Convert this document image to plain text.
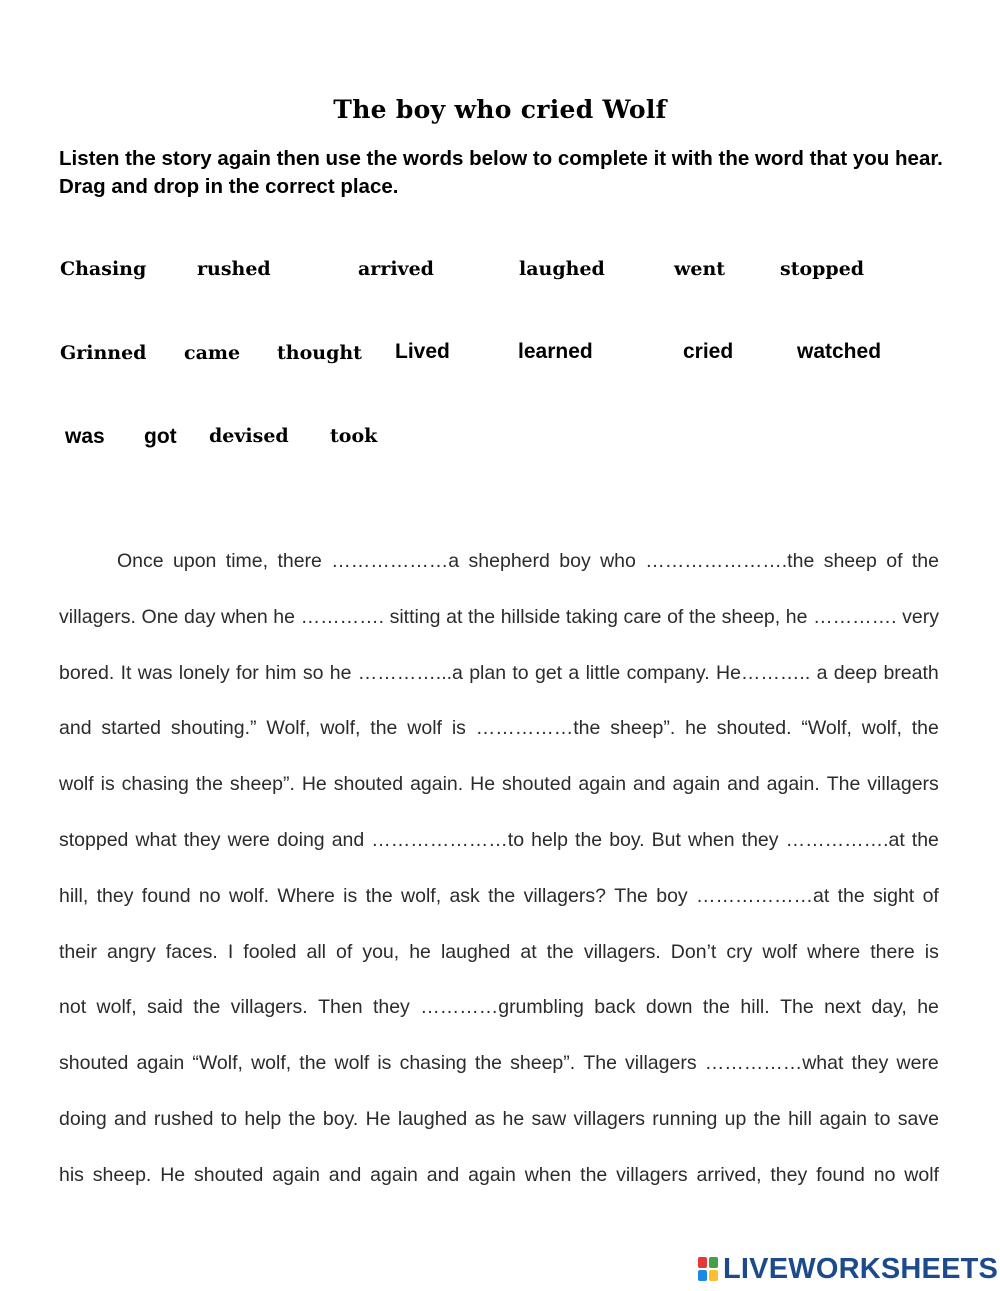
The boy who cried Wolf
Listen the story again then use the words below to complete it with the word that you hear. Drag and drop in the correct place.
Chasing	rushed	arrived	laughed	went	stopped
Grinned came thought Lived	learned	cried	watched
was got devised took
Once upon time, there ………………a shepherd boy who ………………….the sheep of the
villagers. One day when he …………. sitting at the hillside taking care of the sheep, he …………. very
bored. It was lonely for him so he …………...a plan to get a little company. He……….. a deep breath
and started shouting.” Wolf, wolf, the wolf is ……………the sheep”. he shouted. “Wolf, wolf, the
wolf is chasing the sheep”. He shouted again. He shouted again and again and again. The villagers
stopped what they were doing and …………………to help the boy. But when they …………….at the
hill, they found no wolf. Where is the wolf, ask the villagers? The boy ………………at the sight of
their angry faces. I fooled all of you, he laughed at the villagers. Don’t cry wolf where there is
not wolf, said the villagers. Then they …………grumbling back down the hill. The next day, he
shouted again “Wolf, wolf, the wolf is chasing the sheep”. The villagers ……………what they were
doing and rushed to help the boy. He laughed as he saw villagers running up the hill again to save
his sheep. He shouted again and again and again when the villagers arrived, they found no wolf
LIVEWORKSHEETS
